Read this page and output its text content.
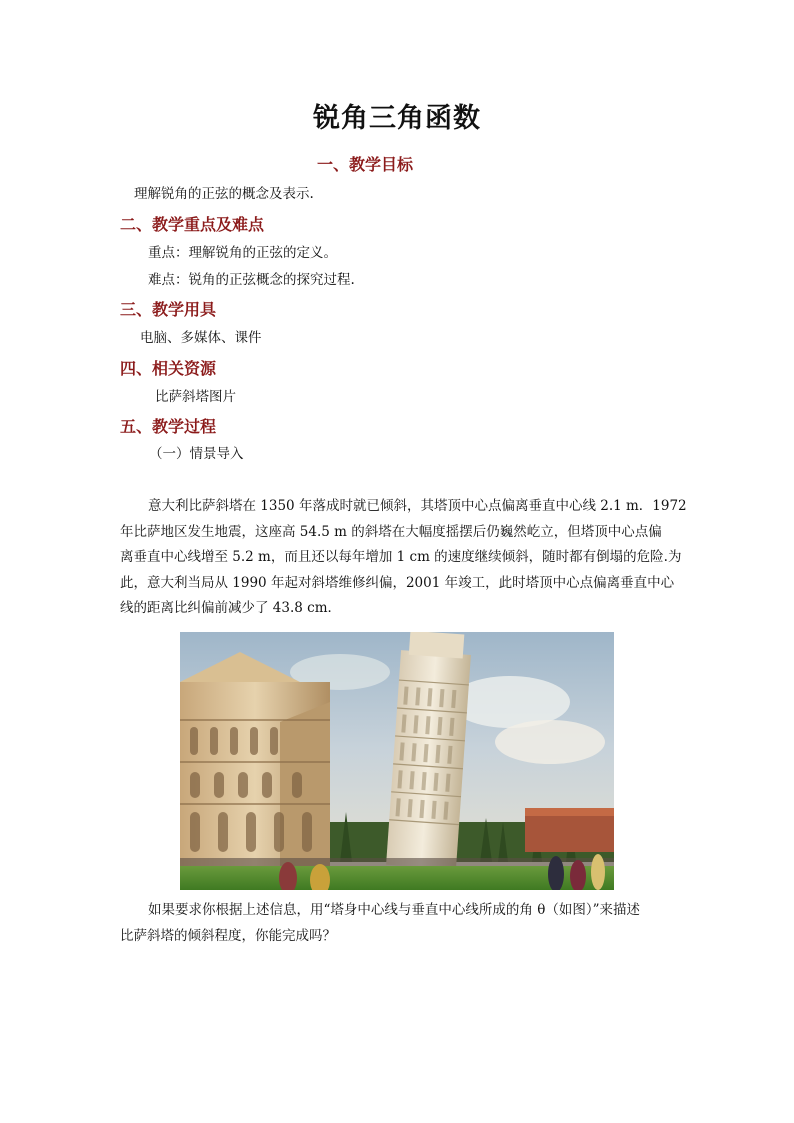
锐角三角函数
一、教学目标
理解锐角的正弦的概念及表示.
二、教学重点及难点
重点：理解锐角的正弦的定义。
难点：锐角的正弦概念的探究过程.
三、教学用具
电脑、多媒体、课件
四、相关资源
比萨斜塔图片
五、教学过程
（一）情景导入
意大利比萨斜塔在 1350 年落成时就已倾斜，其塔顶中心点偏离垂直中心线 2.1 m．1972
年比萨地区发生地震，这座高 54.5 m 的斜塔在大幅度摇摆后仍巍然屹立，但塔顶中心点偏
离垂直中心线增至 5.2 m，而且还以每年增加 1 cm 的速度继续倾斜，随时都有倒塌的危险.为
此，意大利当局从 1990 年起对斜塔维修纠偏，2001 年竣工，此时塔顶中心点偏离垂直中心
线的距离比纠偏前减少了 43.8 cm．
如果要求你根据上述信息，用“塔身中心线与垂直中心线所成的角 θ（如图）”来描述
比萨斜塔的倾斜程度，你能完成吗？
